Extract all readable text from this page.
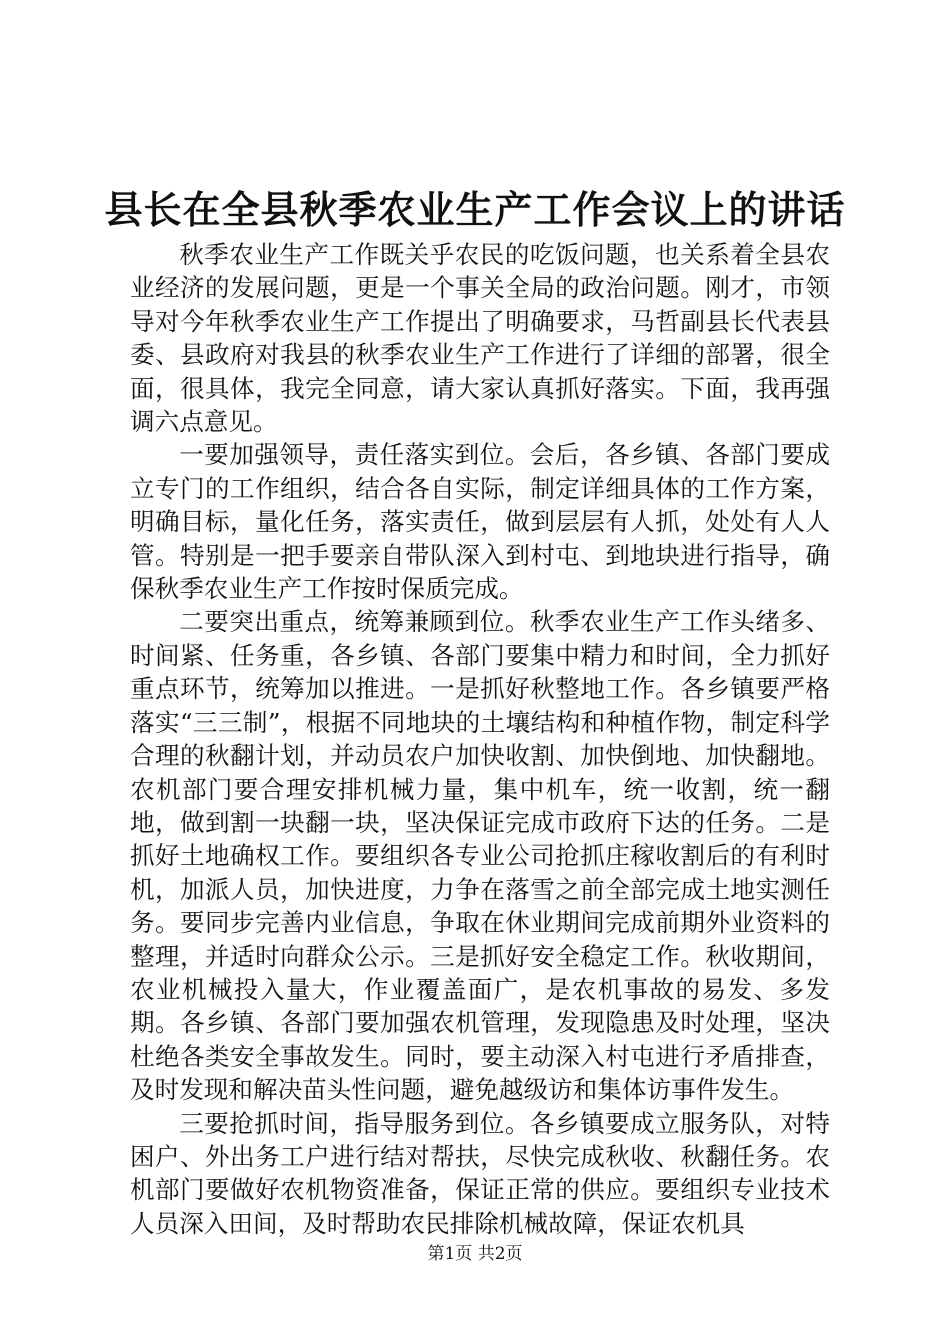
县长在全县秋季农业生产工作会议上的讲话

秋季农业生产工作既关乎农民的吃饭问题，也关系着全县农业经济的发展问题，更是一个事关全局的政治问题。刚才，市领导对今年秋季农业生产工作提出了明确要求，马哲副县长代表县委、县政府对我县的秋季农业生产工作进行了详细的部署，很全面，很具体，我完全同意，请大家认真抓好落实。下面，我再强调六点意见。

一要加强领导，责任落实到位。会后，各乡镇、各部门要成立专门的工作组织，结合各自实际，制定详细具体的工作方案，明确目标，量化任务，落实责任，做到层层有人抓，处处有人人管。特别是一把手要亲自带队深入到村屯、到地块进行指导，确保秋季农业生产工作按时保质完成。

二要突出重点，统筹兼顾到位。秋季农业生产工作头绪多、时间紧、任务重，各乡镇、各部门要集中精力和时间，全力抓好重点环节，统筹加以推进。一是抓好秋整地工作。各乡镇要严格落实“三三制”，根据不同地块的土壤结构和种植作物，制定科学合理的秋翻计划，并动员农户加快收割、加快倒地、加快翻地。农机部门要合理安排机械力量，集中机车，统一收割，统一翻地，做到割一块翻一块，坚决保证完成市政府下达的任务。二是抓好土地确权工作。要组织各专业公司抢抓庄稼收割后的有利时机，加派人员，加快进度，力争在落雪之前全部完成土地实测任务。要同步完善内业信息，争取在休业期间完成前期外业资料的整理，并适时向群众公示。三是抓好安全稳定工作。秋收期间，农业机械投入量大，作业覆盖面广，是农机事故的易发、多发期。各乡镇、各部门要加强农机管理，发现隐患及时处理，坚决杜绝各类安全事故发生。同时，要主动深入村屯进行矛盾排查，及时发现和解决苗头性问题，避免越级访和集体访事件发生。

三要抢抓时间，指导服务到位。各乡镇要成立服务队，对特困户、外出务工户进行结对帮扶，尽快完成秋收、秋翻任务。农机部门要做好农机物资准备，保证正常的供应。要组织专业技术人员深入田间，及时帮助农民排除机械故障，保证农机具

第1页 共2页
